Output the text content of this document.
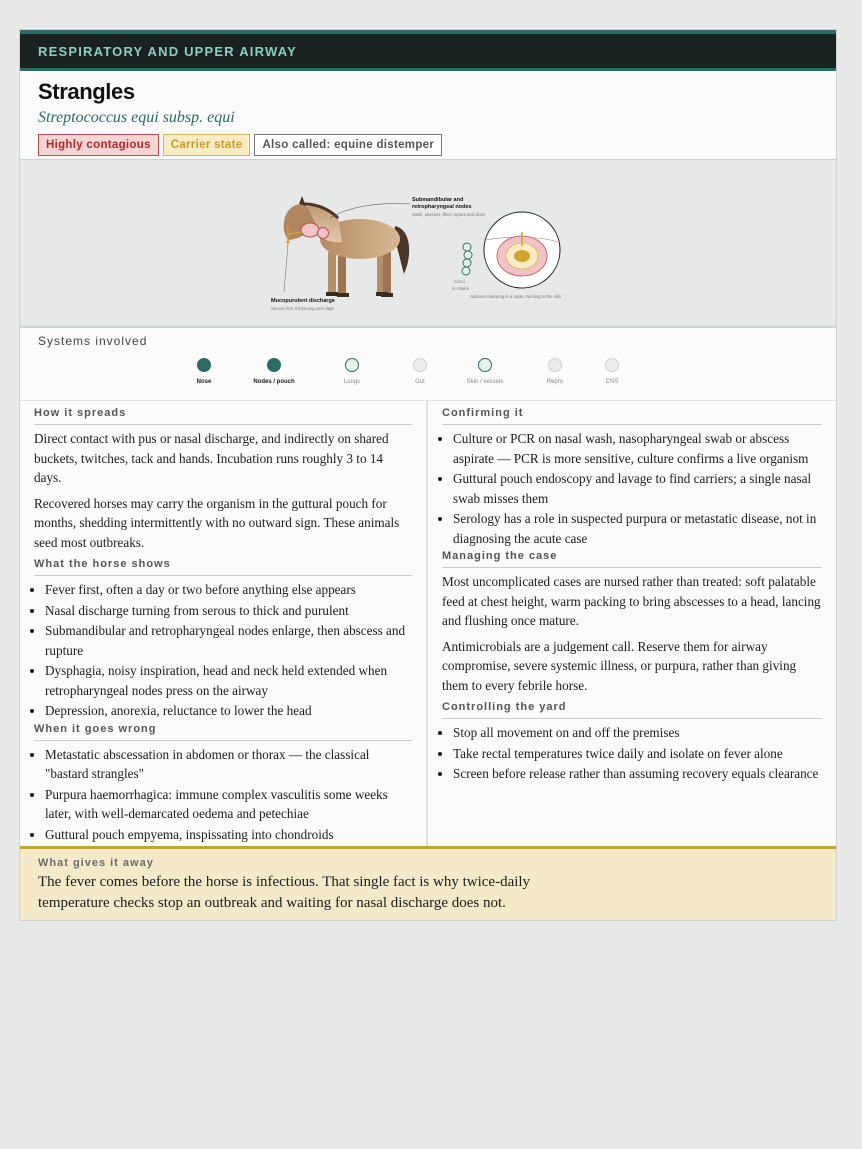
RESPIRATORY AND UPPER AIRWAY
Strangles
Streptococcus equi subsp. equi
Highly contagious	Carrier state	Also called: equine distemper
Submandibular and
retropharyngeal nodes
Swell, abscess, then rupture and drain
Mucopurulent discharge
Serous first, thickening over days
Cocci
in chains
Abscess maturing in a node, tracking to the skin
Systems involved
Nose	Nodes / pouch	Lungs	Gut	Skin / vessels	Repro	CNS
How it spreads

Direct contact with pus or nasal discharge, and indirectly on shared buckets, twitches, tack and hands. Incubation runs roughly 3 to 14 days.

Recovered horses may carry the organism in the guttural pouch for months, shedding intermittently with no outward sign. These animals seed most outbreaks.

What the horse shows
• Fever first, often a day or two before anything else appears
• Nasal discharge turning from serous to thick and purulent
• Submandibular and retropharyngeal nodes enlarge, then abscess and rupture
• Dysphagia, noisy inspiration, head and neck held extended when retropharyngeal nodes press on the airway
• Depression, anorexia, reluctance to lower the head
When it goes wrong
• Metastatic abscessation in abdomen or thorax — the classical "bastard strangles"
• Purpura haemorrhagica: immune complex vasculitis some weeks later, with well-demarcated oedema and petechiae
• Guttural pouch empyema, inspissating into chondroids
Confirming it
• Culture or PCR on nasal wash, nasopharyngeal swab or abscess aspirate — PCR is more sensitive, culture confirms a live organism
• Guttural pouch endoscopy and lavage to find carriers; a single nasal swab misses them
• Serology has a role in suspected purpura or metastatic disease, not in diagnosing the acute case
Managing the case

Most uncomplicated cases are nursed rather than treated: soft palatable feed at chest height, warm packing to bring abscesses to a head, lancing and flushing once mature.

Antimicrobials are a judgement call. Reserve them for airway compromise, severe systemic illness, or purpura, rather than giving them to every febrile horse.

Controlling the yard
• Stop all movement on and off the premises
• Take rectal temperatures twice daily and isolate on fever alone
• Screen before release rather than assuming recovery equals clearance
What gives it away
The fever comes before the horse is infectious. That single fact is why twice-daily temperature checks stop an outbreak and waiting for nasal discharge does not.
